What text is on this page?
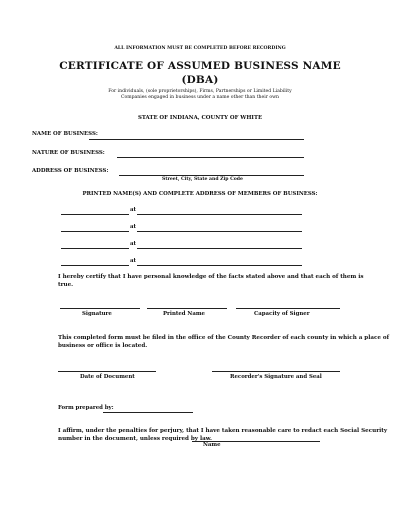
ALL INFORMATION MUST BE COMPLETED BEFORE RECORDING
CERTIFICATE OF ASSUMED BUSINESS NAME
(DBA)
For individuals, (sole proprietorships), Firms, Partnerships or Limited Liability
Companies engaged in business under a name other than their own
STATE OF INDIANA, COUNTY OF WHITE
NAME OF BUSINESS:
NATURE OF BUSINESS:
ADDRESS OF BUSINESS:
Street, City, State and Zip Code
PRINTED NAME(S) AND COMPLETE ADDRESS OF MEMBERS OF BUSINESS:
at
at
at
at
I hereby certify that I have personal knowledge of the facts stated above and that each of them is
true.
Signature	Printed Name	Capacity of Signer
This completed form must be filed in the office of the County Recorder of each county in which a place of
business or office is located.
Date of Document	Recorder's Signature and Seal
Form prepared by:
I affirm, under the penalties for perjury, that I have taken reasonable care to redact each Social Security
number in the document, unless required by law.
Name
